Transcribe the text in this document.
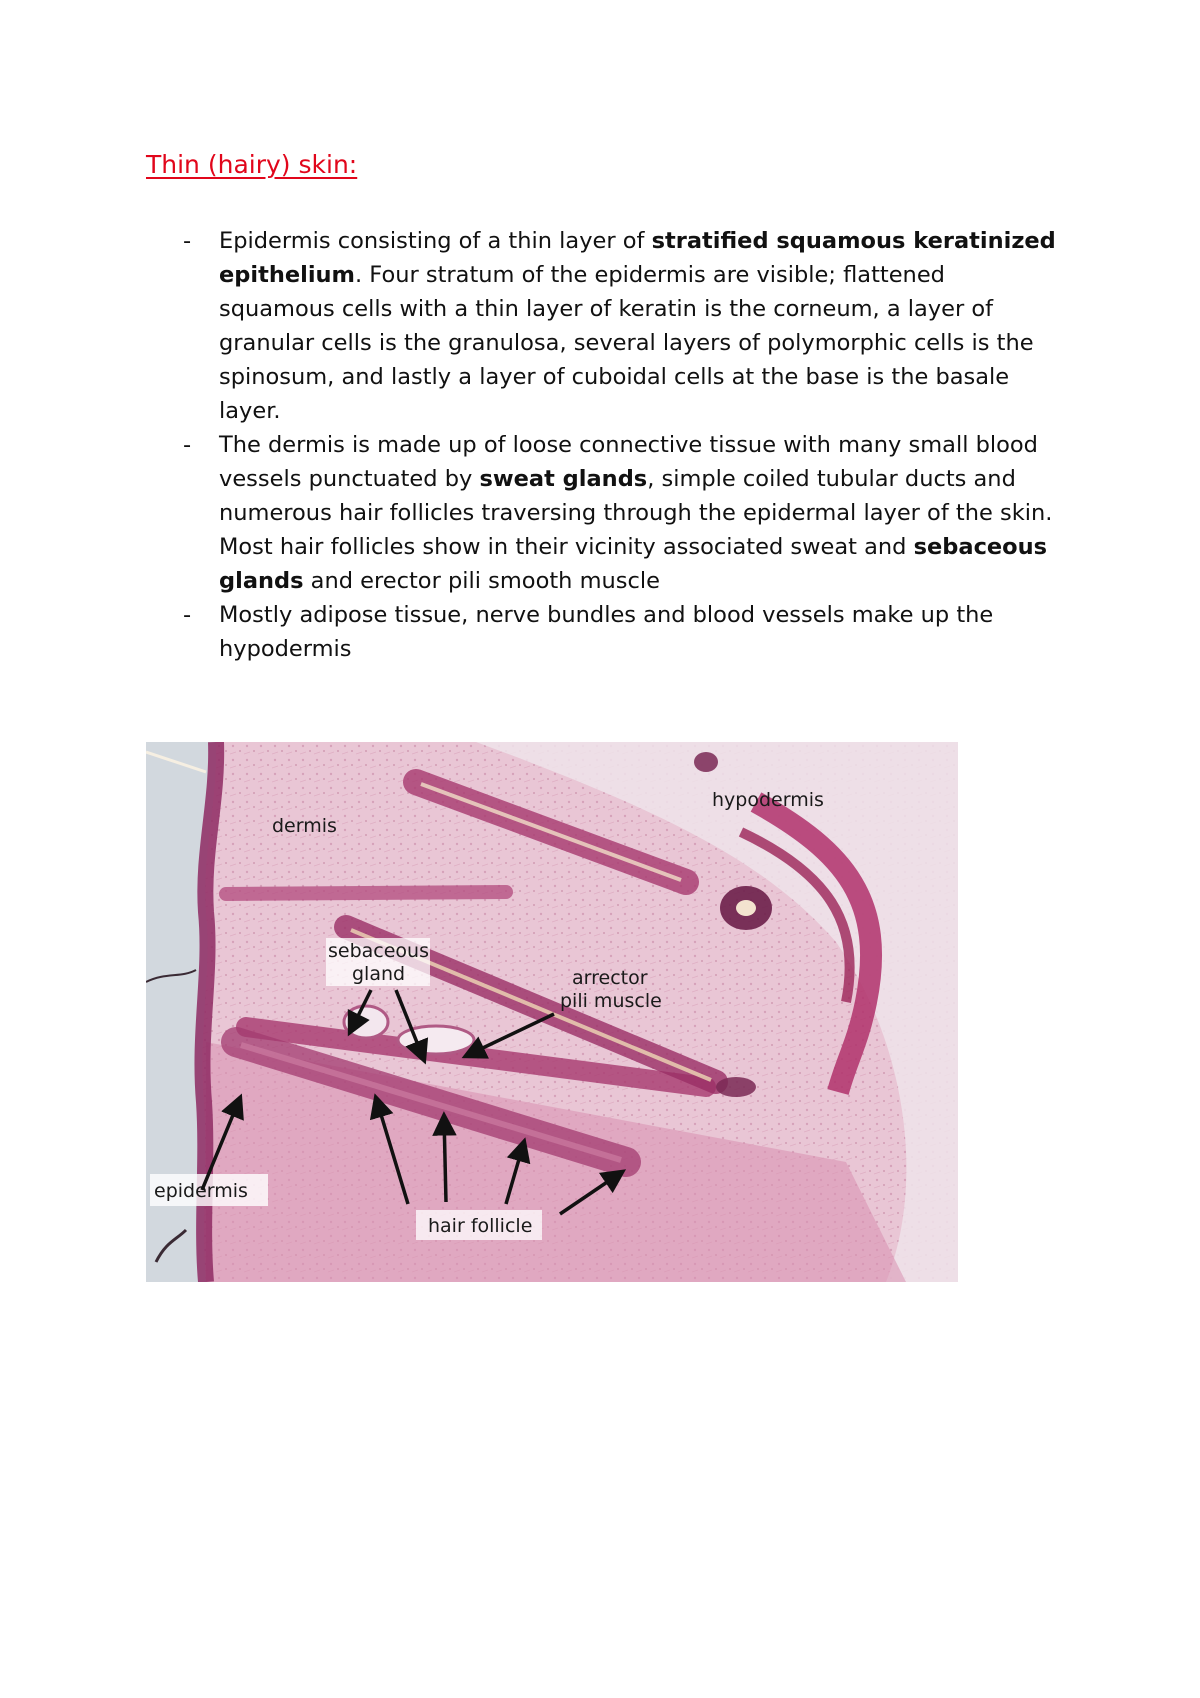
Thin (hairy) skin:
- Epidermis consisting of a thin layer of stratified squamous keratinized epithelium. Four stratum of the epidermis are visible; flattened squamous cells with a thin layer of keratin is the corneum, a layer of granular cells is the granulosa, several layers of polymorphic cells is the spinosum, and lastly a layer of cuboidal cells at the base is the basale layer.
- The dermis is made up of loose connective tissue with many small blood vessels punctuated by sweat glands, simple coiled tubular ducts and numerous hair follicles traversing through the epidermal layer of the skin. Most hair follicles show in their vicinity associated sweat and sebaceous glands and erector pili smooth muscle
- Mostly adipose tissue, nerve bundles and blood vessels make up the hypodermis
dermis
hypodermis
sebaceous
gland	arrector
pili muscle
epidermis
hair follicle
